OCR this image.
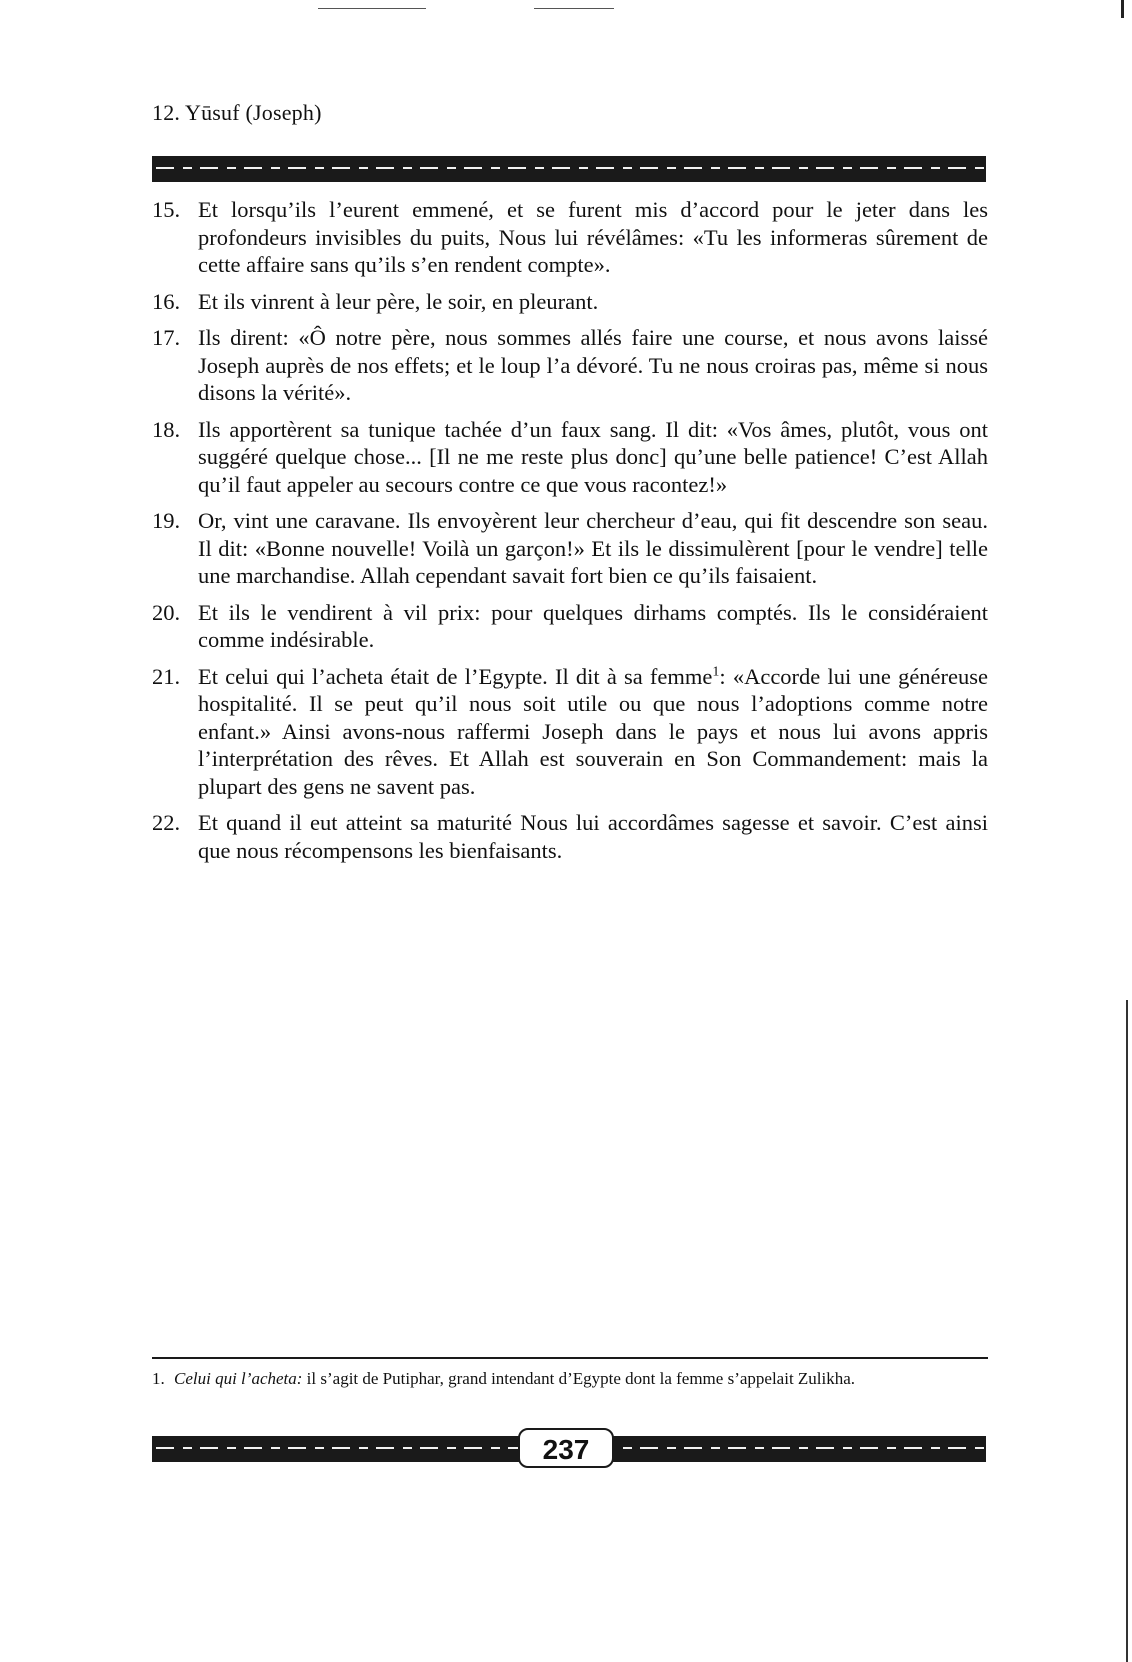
12. Yūsuf (Joseph)
15. Et lorsqu’ils l’eurent emmené, et se furent mis d’accord pour le jeter dans les profondeurs invisibles du puits, Nous lui révélâmes: «Tu les informeras sûrement de cette affaire sans qu’ils s’en rendent compte».
16. Et ils vinrent à leur père, le soir, en pleurant.
17. Ils dirent: «Ô notre père, nous sommes allés faire une course, et nous avons laissé Joseph auprès de nos effets; et le loup l’a dévoré. Tu ne nous croiras pas, même si nous disons la vérité».
18. Ils apportèrent sa tunique tachée d’un faux sang. Il dit: «Vos âmes, plutôt, vous ont suggéré quelque chose... [Il ne me reste plus donc] qu’une belle patience! C’est Allah qu’il faut appeler au secours contre ce que vous racontez!»
19. Or, vint une caravane. Ils envoyèrent leur chercheur d’eau, qui fit descendre son seau. Il dit: «Bonne nouvelle! Voilà un garçon!» Et ils le dissimulèrent [pour le vendre] telle une marchandise. Allah cependant savait fort bien ce qu’ils faisaient.
20. Et ils le vendirent à vil prix: pour quelques dirhams comptés. Ils le considéraient comme indésirable.
21. Et celui qui l’acheta était de l’Egypte. Il dit à sa femme$^1$: «Accorde lui une généreuse hospitalité. Il se peut qu’il nous soit utile ou que nous l’adoptions comme notre enfant.» Ainsi avons-nous raffermi Joseph dans le pays et nous lui avons appris l’interprétation des rêves. Et Allah est souverain en Son Commandement: mais la plupart des gens ne savent pas.
22. Et quand il eut atteint sa maturité Nous lui accordâmes sagesse et savoir. C’est ainsi que nous récompensons les bienfaisants.
1. Celui qui l’acheta: il s’agit de Putiphar, grand intendant d’Egypte dont la femme s’appelait Zulikha.
237
